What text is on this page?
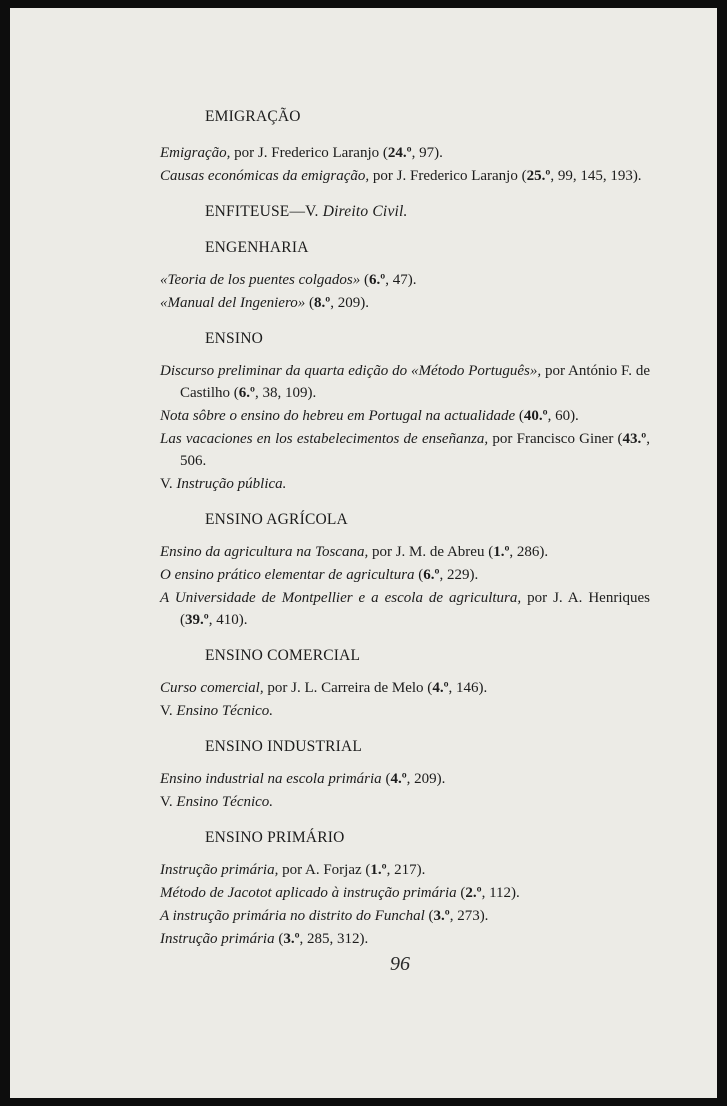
EMIGRAÇÃO
Emigração, por J. Frederico Laranjo (24.º, 97).
Causas económicas da emigração, por J. Frederico Laranjo (25.º, 99, 145, 193).
ENFITEUSE—V. Direito Civil.
ENGENHARIA
«Teoria de los puentes colgados» (6.º, 47).
«Manual del Ingeniero» (8.º, 209).
ENSINO
Discurso preliminar da quarta edição do «Método Português», por António F. de Castilho (6.º, 38, 109).
Nota sôbre o ensino do hebreu em Portugal na actualidade (40.º, 60).
Las vacaciones en los estabelecimentos de enseñanza, por Francisco Giner (43.º, 506.
V. Instrução pública.
ENSINO AGRÍCOLA
Ensino da agricultura na Toscana, por J. M. de Abreu (1.º, 286).
O ensino prático elementar de agricultura (6.º, 229).
A Universidade de Montpellier e a escola de agricultura, por J. A. Henriques (39.º, 410).
ENSINO COMERCIAL
Curso comercial, por J. L. Carreira de Melo (4.º, 146).
V. Ensino Técnico.
ENSINO INDUSTRIAL
Ensino industrial na escola primária (4.º, 209).
V. Ensino Técnico.
ENSINO PRIMÁRIO
Instrução primária, por A. Forjaz (1.º, 217).
Método de Jacotot aplicado à instrução primária (2.º, 112).
A instrução primária no distrito do Funchal (3.º, 273).
Instrução primária (3.º, 285, 312).
96
